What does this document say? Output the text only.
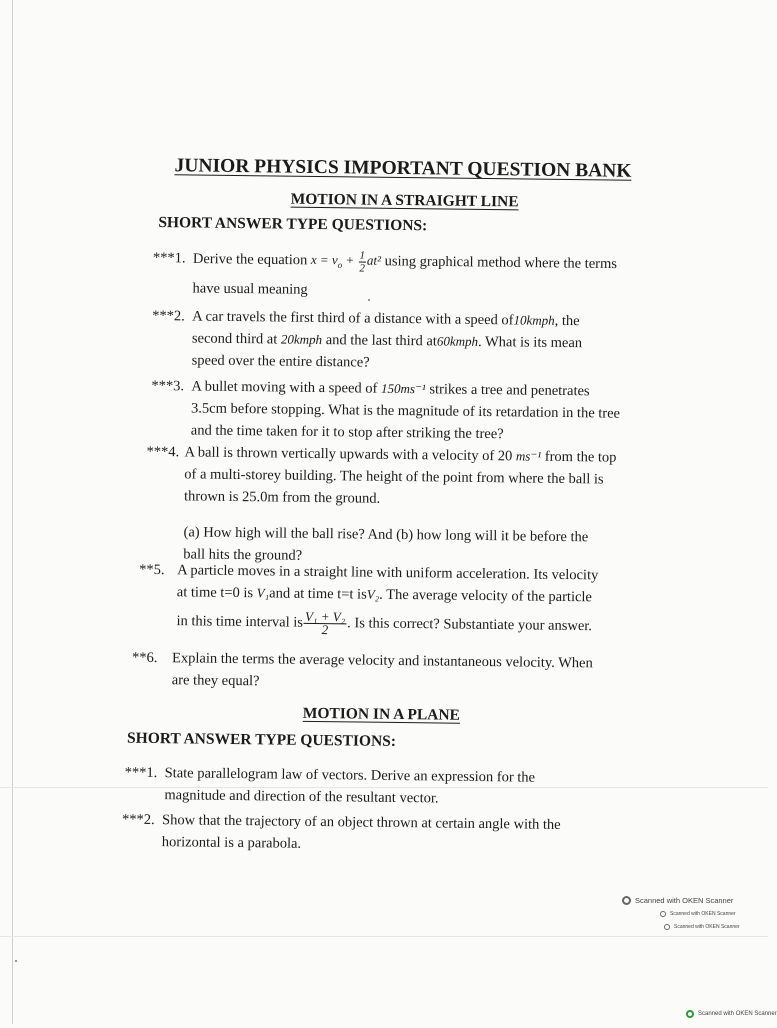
JUNIOR PHYSICS IMPORTANT QUESTION BANK
MOTION IN A STRAIGHT LINE
SHORT ANSWER TYPE QUESTIONS:
***1. Derive the equation $x = v_o + \frac{1}{2} at^2$ using graphical method where the terms
have usual meaning
***2. A car travels the first third of a distance with a speed of10kmph, the
second third at 20kmph and the last third at60kmph. What is its mean
speed over the entire distance?
***3. A bullet moving with a speed of 150ms⁻¹ strikes a tree and penetrates
3.5cm before stopping. What is the magnitude of its retardation in the tree
and the time taken for it to stop after striking the tree?
***4. A ball is thrown vertically upwards with a velocity of 20 ms⁻¹ from the top
of a multi-storey building. The height of the point from where the ball is
thrown is 25.0m from the ground.
(a) How high will the ball rise? And (b) how long will it be before the
ball hits the ground?
**5. A particle moves in a straight line with uniform acceleration. Its velocity
at time t=0 is V₁and at time t=t isV₂. The average velocity of the particle
in this time interval is $\frac{\text{V₁ + V₂}}{2}$ . Is this correct? Substantiate your answer.
**6. Explain the terms the average velocity and instantaneous velocity. When
are they equal?
MOTION IN A PLANE
SHORT ANSWER TYPE QUESTIONS:
***1. State parallelogram law of vectors. Derive an expression for the
magnitude and direction of the resultant vector.
***2. Show that the trajectory of an object thrown at certain angle with the
horizontal is a parabola.
Scanned with OKEN Scanner
Scanned with OKEN Scanner
Scanned with OKEN Scanner
Scanned with OKEN Scanner
